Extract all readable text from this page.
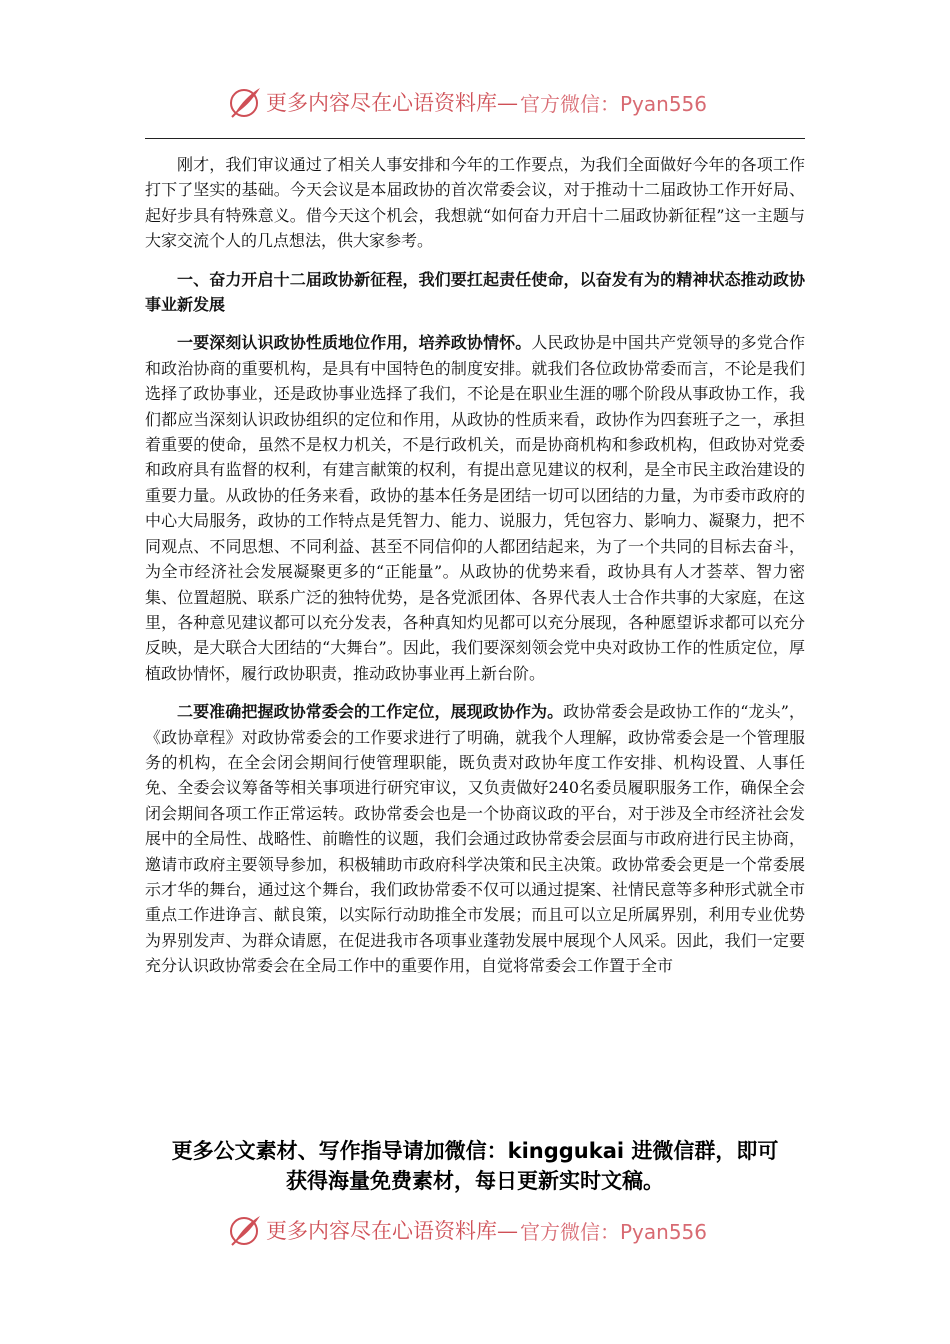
更多内容尽在心语资料库— 官方微信：Pyan556

刚才，我们审议通过了相关人事安排和今年的工作要点，为我们全面做好今年的各项工作打下了坚实的基础。今天会议是本届政协的首次常委会议，对于推动十二届政协工作开好局、起好步具有特殊意义。借今天这个机会，我想就“如何奋力开启十二届政协新征程”这一主题与大家交流个人的几点想法，供大家参考。

一、奋力开启十二届政协新征程，我们要扛起责任使命，以奋发有为的精神状态推动政协事业新发展

一要深刻认识政协性质地位作用，培养政协情怀。人民政协是中国共产党领导的多党合作和政治协商的重要机构，是具有中国特色的制度安排。就我们各位政协常委而言，不论是我们选择了政协事业，还是政协事业选择了我们，不论是在职业生涯的哪个阶段从事政协工作，我们都应当深刻认识政协组织的定位和作用，从政协的性质来看，政协作为四套班子之一，承担着重要的使命，虽然不是权力机关，不是行政机关，而是协商机构和参政机构，但政协对党委和政府具有监督的权利，有建言献策的权利，有提出意见建议的权利，是全市民主政治建设的重要力量。从政协的任务来看，政协的基本任务是团结一切可以团结的力量，为市委市政府的中心大局服务，政协的工作特点是凭智力、能力、说服力，凭包容力、影响力、凝聚力，把不同观点、不同思想、不同利益、甚至不同信仰的人都团结起来，为了一个共同的目标去奋斗，为全市经济社会发展凝聚更多的“正能量”。从政协的优势来看，政协具有人才荟萃、智力密集、位置超脱、联系广泛的独特优势，是各党派团体、各界代表人士合作共事的大家庭，在这里，各种意见建议都可以充分发表，各种真知灼见都可以充分展现，各种愿望诉求都可以充分反映，是大联合大团结的“大舞台”。因此，我们要深刻领会党中央对政协工作的性质定位，厚植政协情怀，履行政协职责，推动政协事业再上新台阶。

二要准确把握政协常委会的工作定位，展现政协作为。政协常委会是政协工作的“龙头”，《政协章程》对政协常委会的工作要求进行了明确，就我个人理解，政协常委会是一个管理服务的机构，在全会闭会期间行使管理职能，既负责对政协年度工作安排、机构设置、人事任免、全委会议筹备等相关事项进行研究审议，又负责做好240名委员履职服务工作，确保全会闭会期间各项工作正常运转。政协常委会也是一个协商议政的平台，对于涉及全市经济社会发展中的全局性、战略性、前瞻性的议题，我们会通过政协常委会层面与市政府进行民主协商，邀请市政府主要领导参加，积极辅助市政府科学决策和民主决策。政协常委会更是一个常委展示才华的舞台，通过这个舞台，我们政协常委不仅可以通过提案、社情民意等多种形式就全市重点工作进诤言、献良策，以实际行动助推全市发展；而且可以立足所属界别，利用专业优势为界别发声、为群众请愿，在促进我市各项事业蓬勃发展中展现个人风采。因此，我们一定要充分认识政协常委会在全局工作中的重要作用，自觉将常委会工作置于全市

更多公文素材、写作指导请加微信：kinggukai 进微信群，即可
获得海量免费素材，每日更新实时文稿。
更多内容尽在心语资料库— 官方微信：Pyan556
